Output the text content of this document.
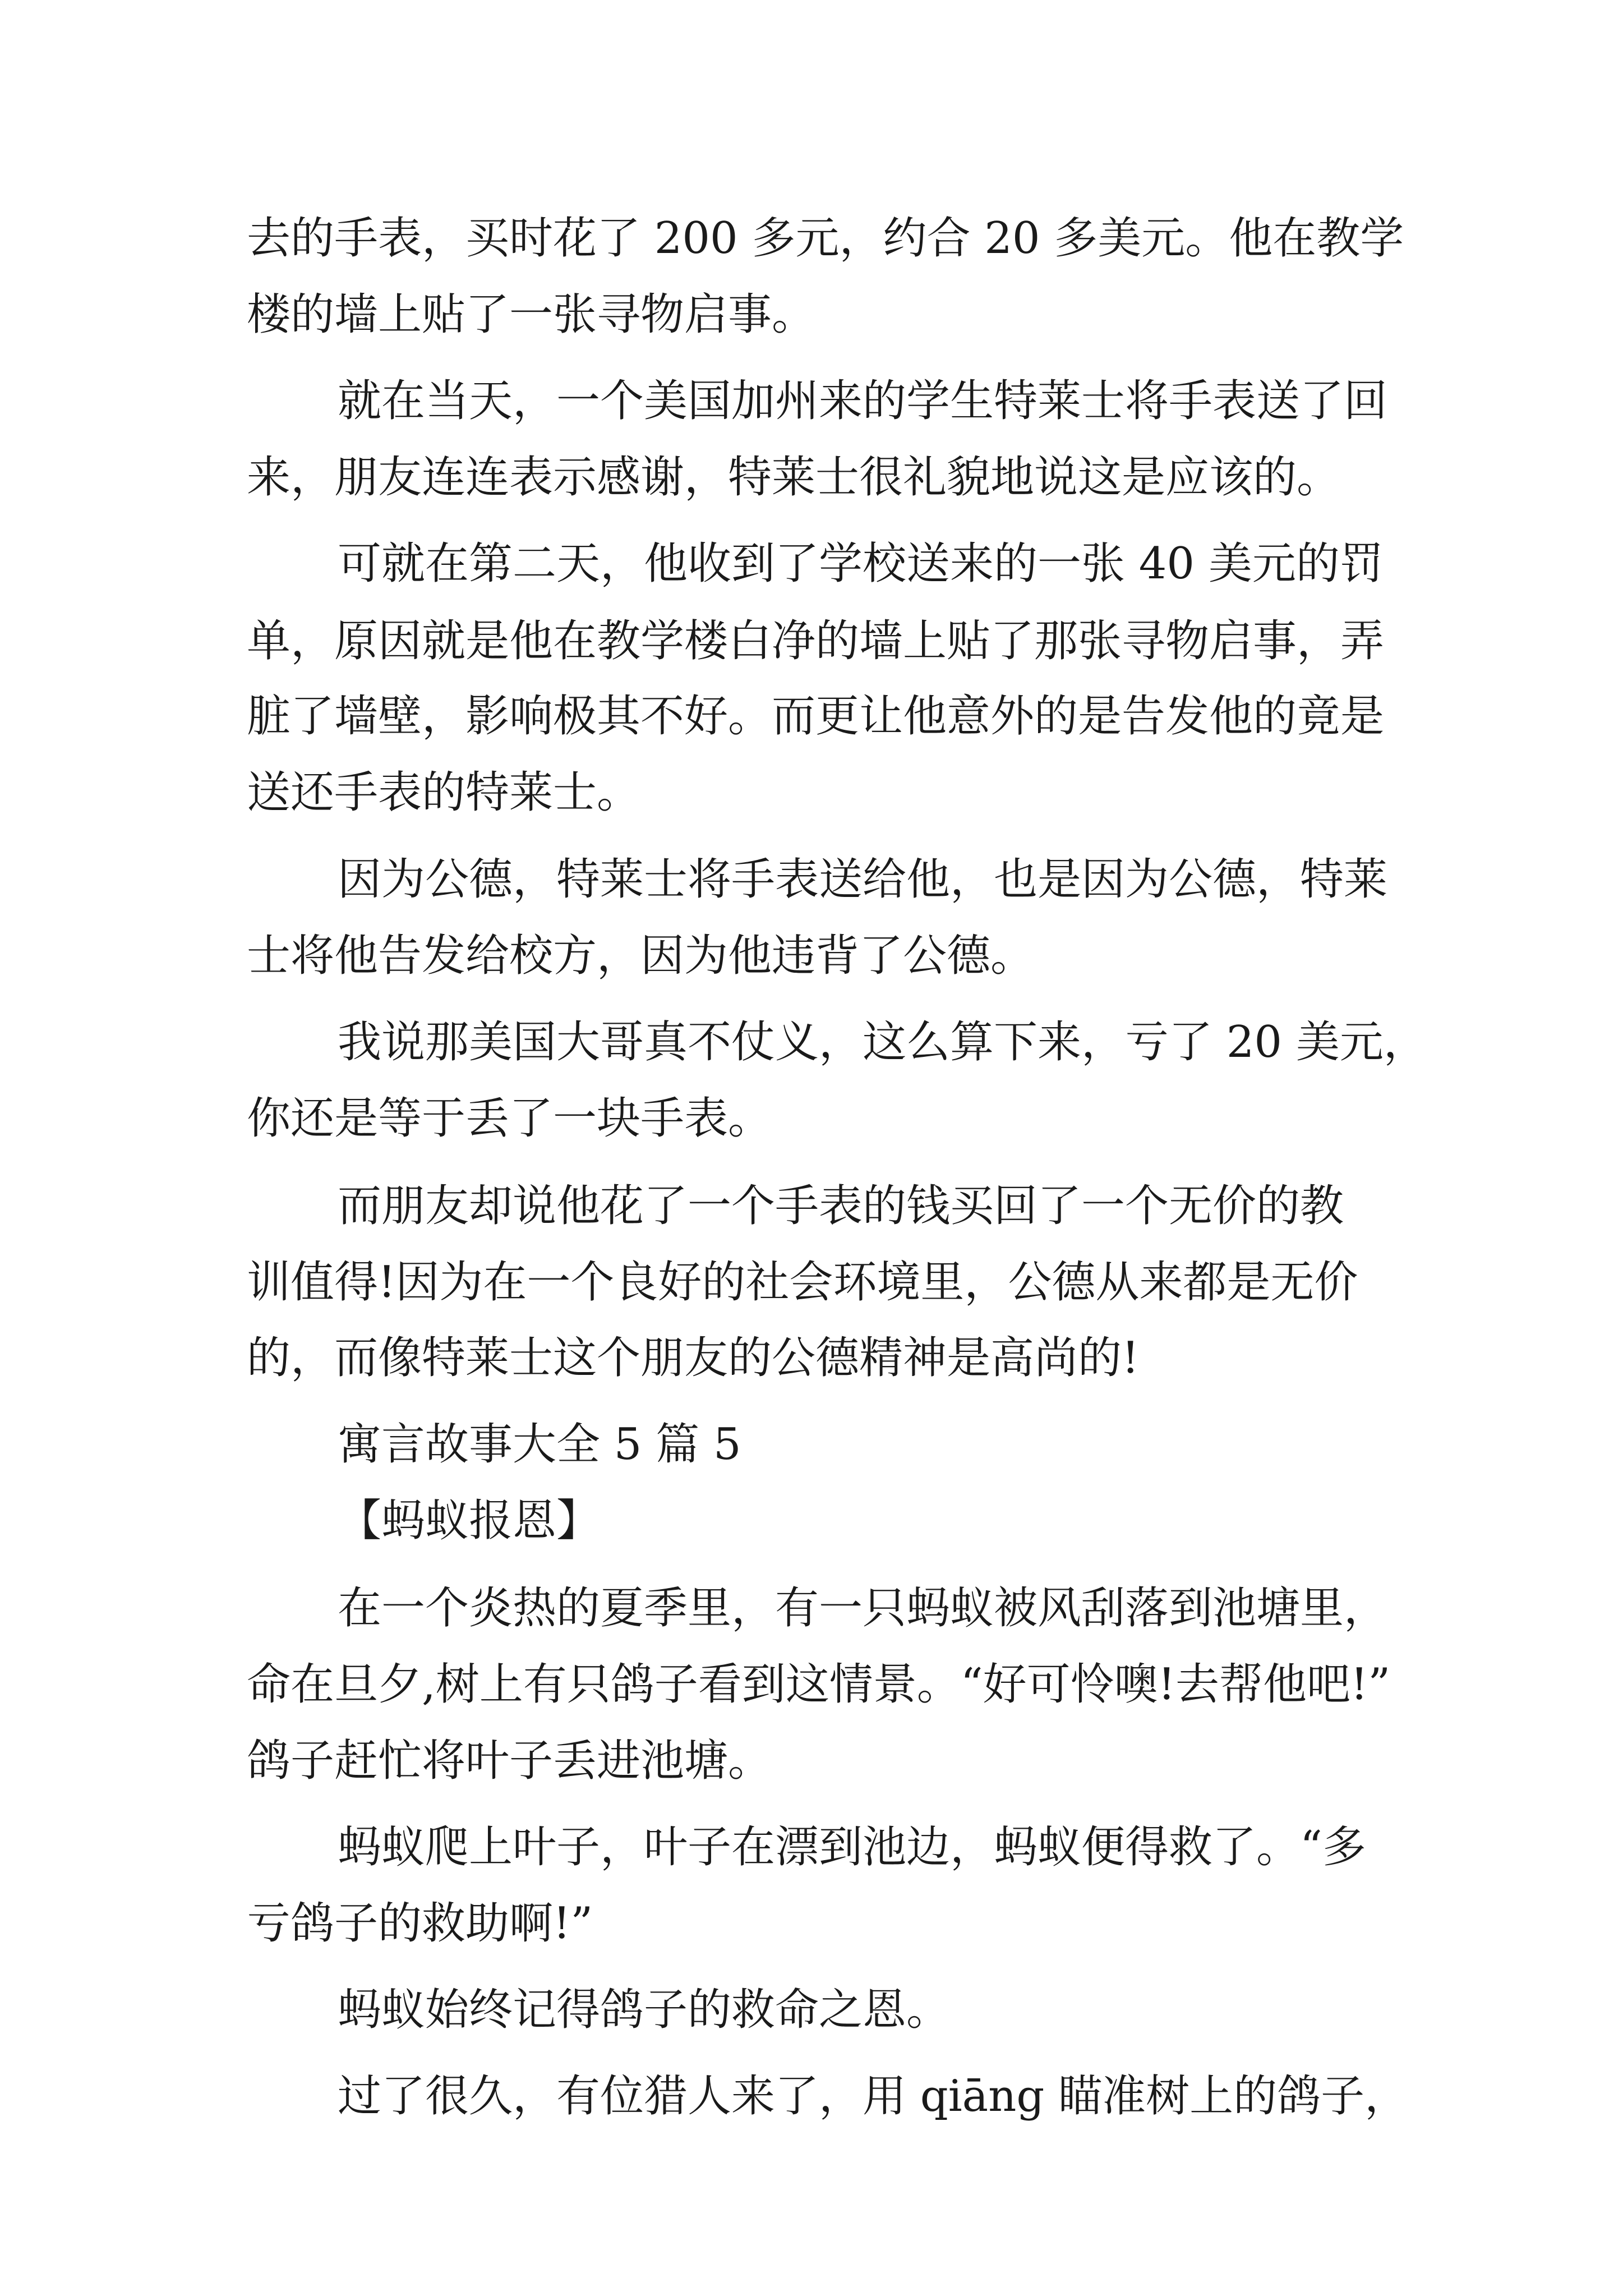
去的手表，买时花了 200 多元，约合 20 多美元。他在教学
楼的墙上贴了一张寻物启事。
就在当天，一个美国加州来的学生特莱士将手表送了回
来，朋友连连表示感谢，特莱士很礼貌地说这是应该的。
可就在第二天，他收到了学校送来的一张 40 美元的罚
单，原因就是他在教学楼白净的墙上贴了那张寻物启事，弄
脏了墙壁，影响极其不好。而更让他意外的是告发他的竟是
送还手表的特莱士。
因为公德，特莱士将手表送给他，也是因为公德，特莱
士将他告发给校方，因为他违背了公德。
我说那美国大哥真不仗义，这么算下来，亏了 20 美元，
你还是等于丢了一块手表。
而朋友却说他花了一个手表的钱买回了一个无价的教
训值得!因为在一个良好的社会环境里，公德从来都是无价
的，而像特莱士这个朋友的公德精神是高尚的!
寓言故事大全 5 篇 5
【蚂蚁报恩】
在一个炎热的夏季里，有一只蚂蚁被风刮落到池塘里，
命在旦夕,树上有只鸽子看到这情景。“好可怜噢!去帮他吧!”
鸽子赶忙将叶子丢进池塘。
蚂蚁爬上叶子，叶子在漂到池边，蚂蚁便得救了。“多
亏鸽子的救助啊!”
蚂蚁始终记得鸽子的救命之恩。
过了很久，有位猎人来了，用 qiāng 瞄准树上的鸽子，
